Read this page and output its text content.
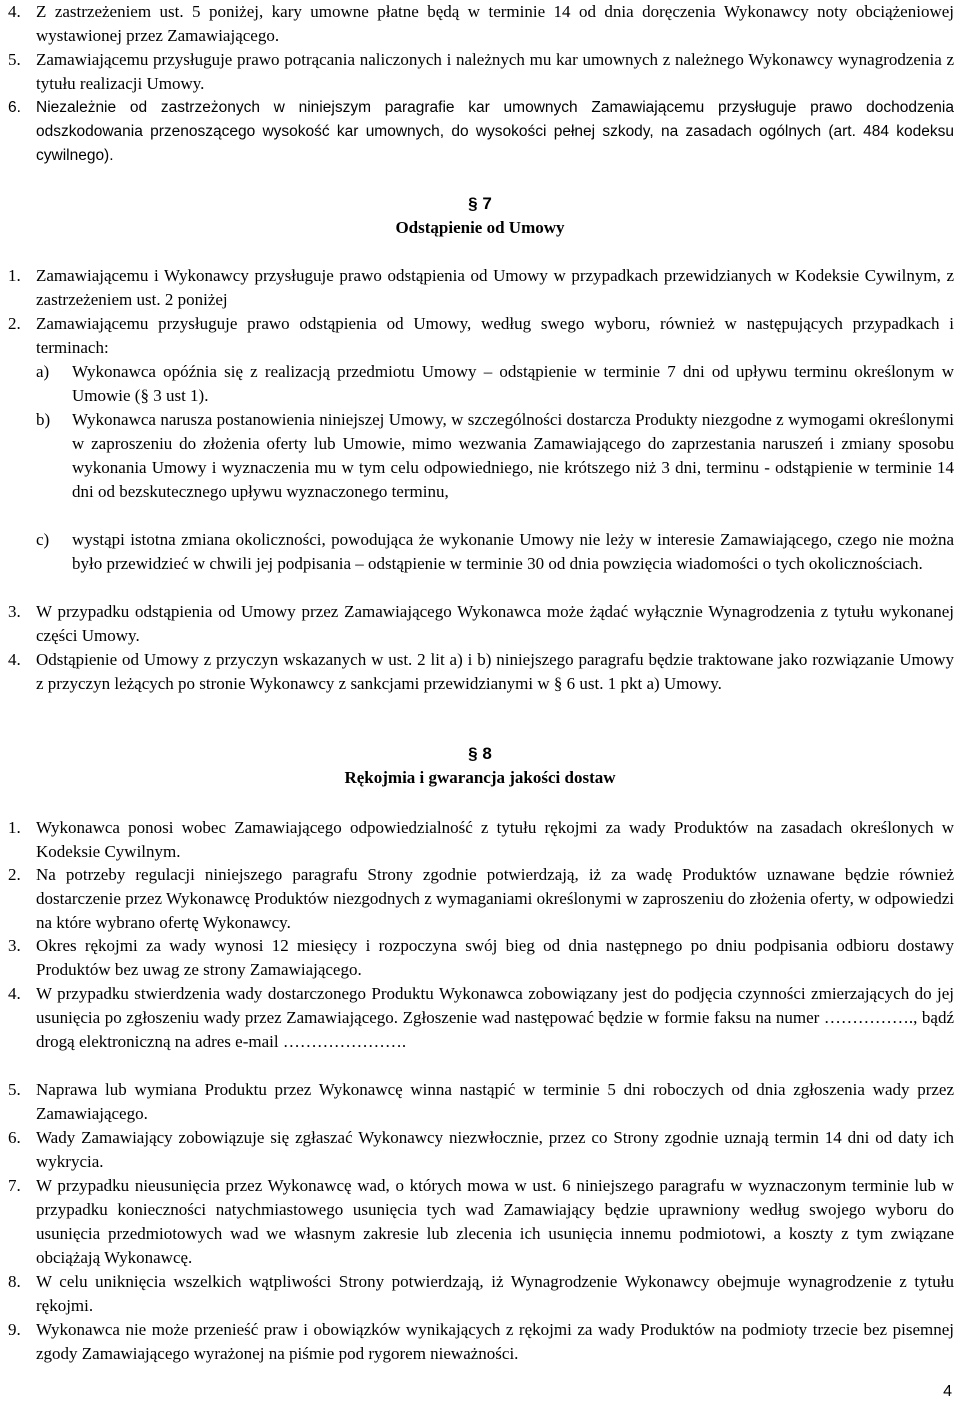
4. Z zastrzeżeniem ust. 5 poniżej, kary umowne płatne będą w terminie 14 od dnia doręczenia Wykonawcy noty obciążeniowej wystawionej przez Zamawiającego.
5. Zamawiającemu przysługuje prawo potrącania naliczonych i należnych mu kar umownych z należnego Wykonawcy wynagrodzenia z tytułu realizacji Umowy.
6. Niezależnie od zastrzeżonych w niniejszym paragrafie kar umownych Zamawiającemu przysługuje prawo dochodzenia odszkodowania przenoszącego wysokość kar umownych, do wysokości pełnej szkody, na zasadach ogólnych (art. 484 kodeksu cywilnego).
§ 7
Odstąpienie od Umowy
1. Zamawiającemu i Wykonawcy przysługuje prawo odstąpienia od Umowy w przypadkach przewidzianych w Kodeksie Cywilnym, z zastrzeżeniem ust. 2 poniżej
2. Zamawiającemu przysługuje prawo odstąpienia od Umowy, według swego wyboru, również w następujących przypadkach i terminach:
a) Wykonawca opóźnia się z realizacją przedmiotu Umowy – odstąpienie w terminie 7 dni od upływu terminu określonym w Umowie (§ 3 ust 1).
b) Wykonawca narusza postanowienia niniejszej Umowy, w szczególności dostarcza Produkty niezgodne z wymogami określonymi w zaproszeniu do złożenia oferty lub Umowie, mimo wezwania Zamawiającego do zaprzestania naruszeń i zmiany sposobu wykonania Umowy i wyznaczenia mu w tym celu odpowiedniego, nie krótszego niż 3 dni, terminu - odstąpienie w terminie 14 dni od bezskutecznego upływu wyznaczonego terminu,
c) wystąpi istotna zmiana okoliczności, powodująca że wykonanie Umowy nie leży w interesie Zamawiającego, czego nie można było przewidzieć w chwili jej podpisania – odstąpienie w terminie 30 od dnia powzięcia wiadomości o tych okolicznościach.
3. W przypadku odstąpienia od Umowy przez Zamawiającego Wykonawca może żądać wyłącznie Wynagrodzenia z tytułu wykonanej części Umowy.
4. Odstąpienie od Umowy z przyczyn wskazanych w ust. 2 lit a) i b) niniejszego paragrafu będzie traktowane jako rozwiązanie Umowy z przyczyn leżących po stronie Wykonawcy z sankcjami przewidzianymi w § 6 ust. 1 pkt a) Umowy.
§ 8
Rękojmia i gwarancja jakości dostaw
1. Wykonawca ponosi wobec Zamawiającego odpowiedzialność z tytułu rękojmi za wady Produktów na zasadach określonych w Kodeksie Cywilnym.
2. Na potrzeby regulacji niniejszego paragrafu Strony zgodnie potwierdzają, iż za wadę Produktów uznawane będzie również dostarczenie przez Wykonawcę Produktów niezgodnych z wymaganiami określonymi w zaproszeniu do złożenia oferty, w odpowiedzi na które wybrano ofertę Wykonawcy.
3. Okres rękojmi za wady wynosi 12 miesięcy i rozpoczyna swój bieg od dnia następnego po dniu podpisania odbioru dostawy Produktów bez uwag ze strony Zamawiającego.
4. W przypadku stwierdzenia wady dostarczonego Produktu Wykonawca zobowiązany jest do podjęcia czynności zmierzających do jej usunięcia po zgłoszeniu wady przez Zamawiającego. Zgłoszenie wad następować będzie w formie faksu na numer ……………., bądź drogą elektroniczną na adres e-mail ………………….
5. Naprawa lub wymiana Produktu przez Wykonawcę winna nastąpić w terminie 5 dni roboczych od dnia zgłoszenia wady przez Zamawiającego.
6. Wady Zamawiający zobowiązuje się zgłaszać Wykonawcy niezwłocznie, przez co Strony zgodnie uznają termin 14 dni od daty ich wykrycia.
7. W przypadku nieusunięcia przez Wykonawcę wad, o których mowa w ust. 6 niniejszego paragrafu w wyznaczonym terminie lub w przypadku konieczności natychmiastowego usunięcia tych wad Zamawiający będzie uprawniony według swojego wyboru do usunięcia przedmiotowych wad we własnym zakresie lub zlecenia ich usunięcia innemu podmiotowi, a koszty z tym związane obciążają Wykonawcę.
8. W celu uniknięcia wszelkich wątpliwości Strony potwierdzają, iż Wynagrodzenie Wykonawcy obejmuje wynagrodzenie z tytułu rękojmi.
9. Wykonawca nie może przenieść praw i obowiązków wynikających z rękojmi za wady Produktów na podmioty trzecie bez pisemnej zgody Zamawiającego wyrażonej na piśmie pod rygorem nieważności.
4
